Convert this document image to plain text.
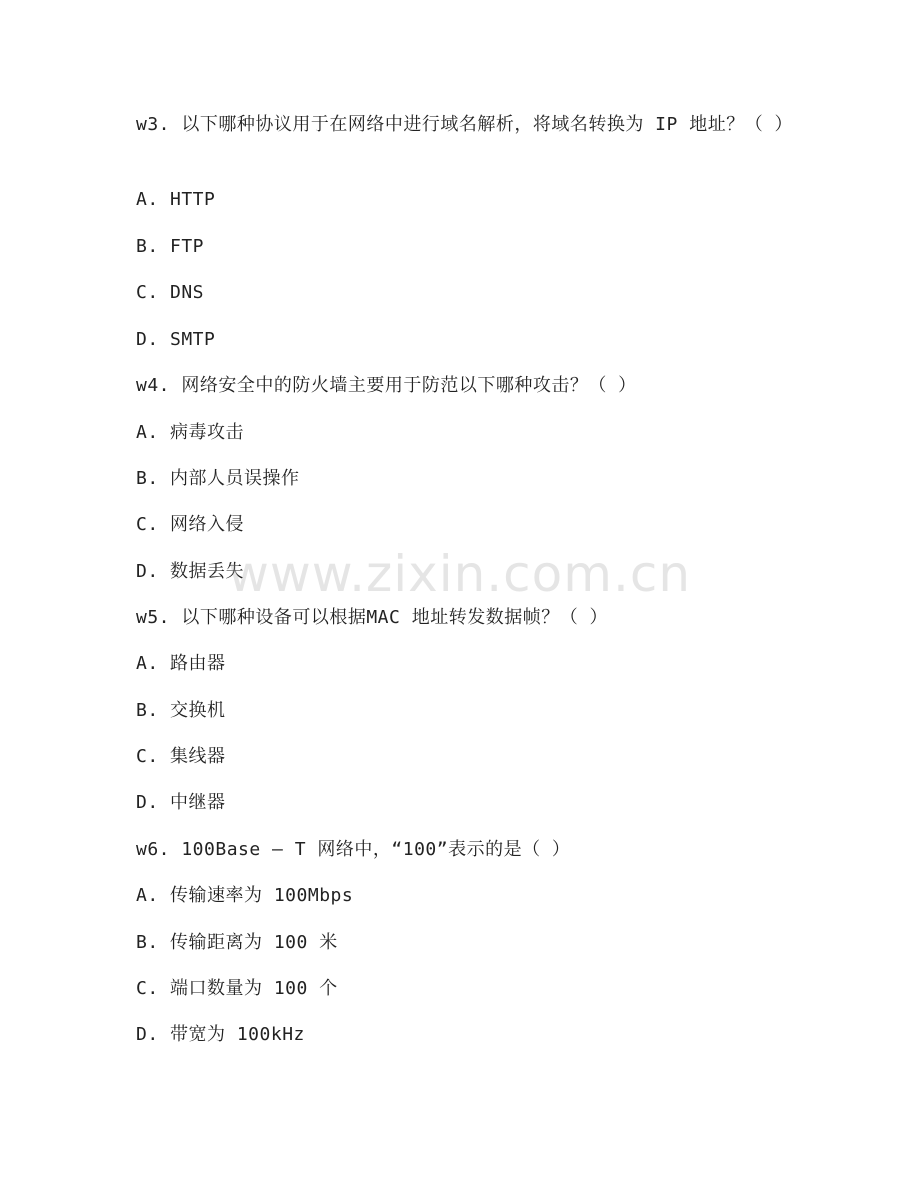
w3. 以下哪种协议用于在网络中进行域名解析，将域名转换为 IP 地址？（ ）
A. HTTP
B. FTP
C. DNS
D. SMTP
w4. 网络安全中的防火墙主要用于防范以下哪种攻击？（ ）
A. 病毒攻击
B. 内部人员误操作
C. 网络入侵
D. 数据丢失
w5. 以下哪种设备可以根据MAC 地址转发数据帧？（ ）
A. 路由器
B. 交换机
C. 集线器
D. 中继器
w6. 100Base – T 网络中，“100”表示的是（ ）
A. 传输速率为 100Mbps
B. 传输距离为 100 米
C. 端口数量为 100 个
D. 带宽为 100kHz
www.zixin.com.cn
